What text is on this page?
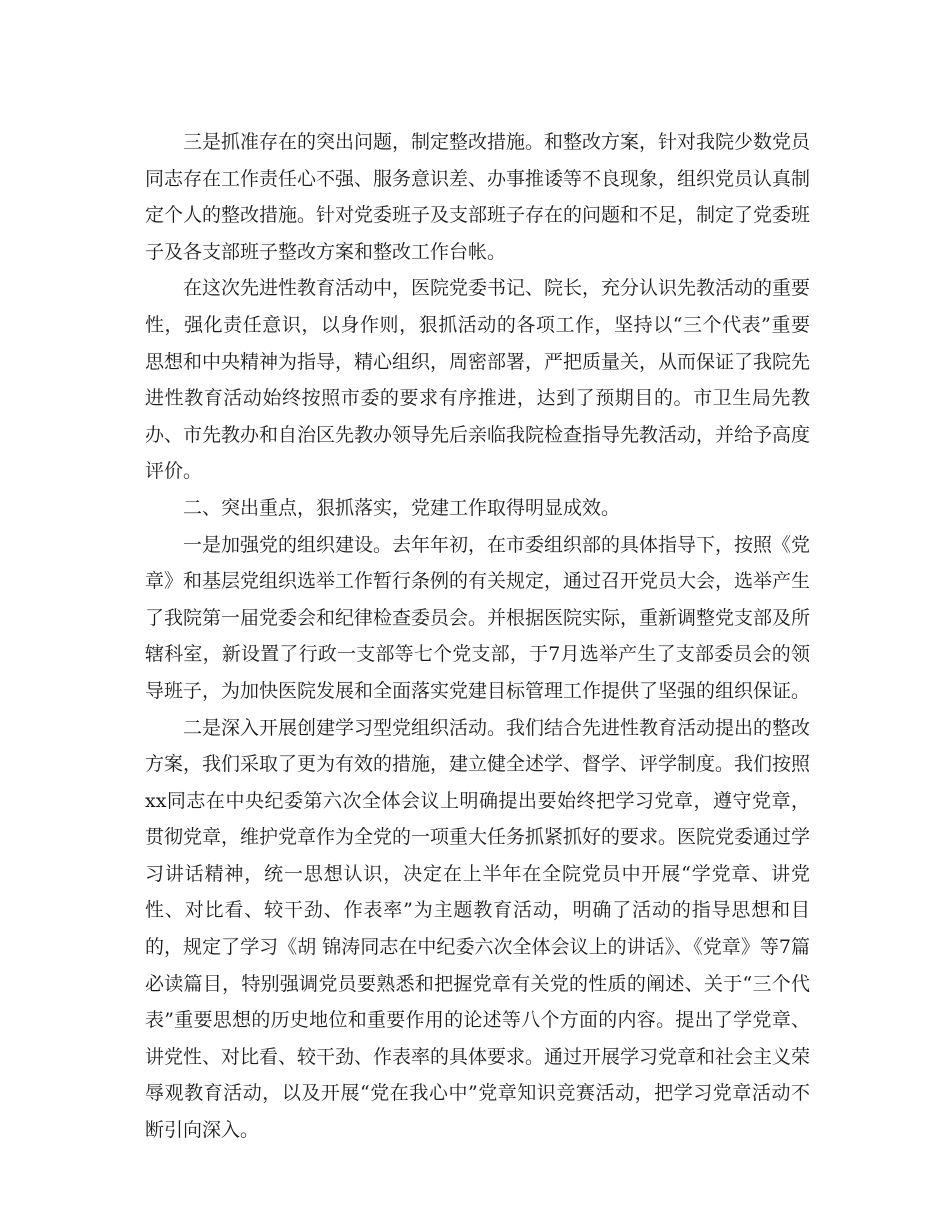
三是抓准存在的突出问题，制定整改措施。和整改方案，针对我院少数党员同志存在工作责任心不强、服务意识差、办事推诿等不良现象，组织党员认真制定个人的整改措施。针对党委班子及支部班子存在的问题和不足，制定了党委班子及各支部班子整改方案和整改工作台帐。

在这次先进性教育活动中，医院党委书记、院长，充分认识先教活动的重要性，强化责任意识，以身作则，狠抓活动的各项工作，坚持以“三个代表”重要思想和中央精神为指导，精心组织，周密部署，严把质量关，从而保证了我院先进性教育活动始终按照市委的要求有序推进，达到了预期目的。市卫生局先教办、市先教办和自治区先教办领导先后亲临我院检查指导先教活动，并给予高度评价。

二、突出重点，狠抓落实，党建工作取得明显成效。

一是加强党的组织建设。去年年初，在市委组织部的具体指导下，按照《党章》和基层党组织选举工作暂行条例的有关规定，通过召开党员大会，选举产生了我院第一届党委会和纪律检查委员会。并根据医院实际，重新调整党支部及所辖科室，新设置了行政一支部等七个党支部，于7月选举产生了支部委员会的领导班子，为加快医院发展和全面落实党建目标管理工作提供了坚强的组织保证。

二是深入开展创建学习型党组织活动。我们结合先进性教育活动提出的整改方案，我们采取了更为有效的措施，建立健全述学、督学、评学制度。我们按照xx同志在中央纪委第六次全体会议上明确提出要始终把学习党章，遵守党章，贯彻党章，维护党章作为全党的一项重大任务抓紧抓好的要求。医院党委通过学习讲话精神，统一思想认识，决定在上半年在全院党员中开展“学党章、讲党性、对比看、较干劲、作表率”为主题教育活动，明确了活动的指导思想和目的，规定了学习《胡 锦涛同志在中纪委六次全体会议上的讲话》、《党章》等7篇必读篇目，特别强调党员要熟悉和把握党章有关党的性质的阐述、关于“三个代表”重要思想的历史地位和重要作用的论述等八个方面的内容。提出了学党章、讲党性、对比看、较干劲、作表率的具体要求。通过开展学习党章和社会主义荣辱观教育活动，以及开展“党在我心中”党章知识竞赛活动，把学习党章活动不断引向深入。
